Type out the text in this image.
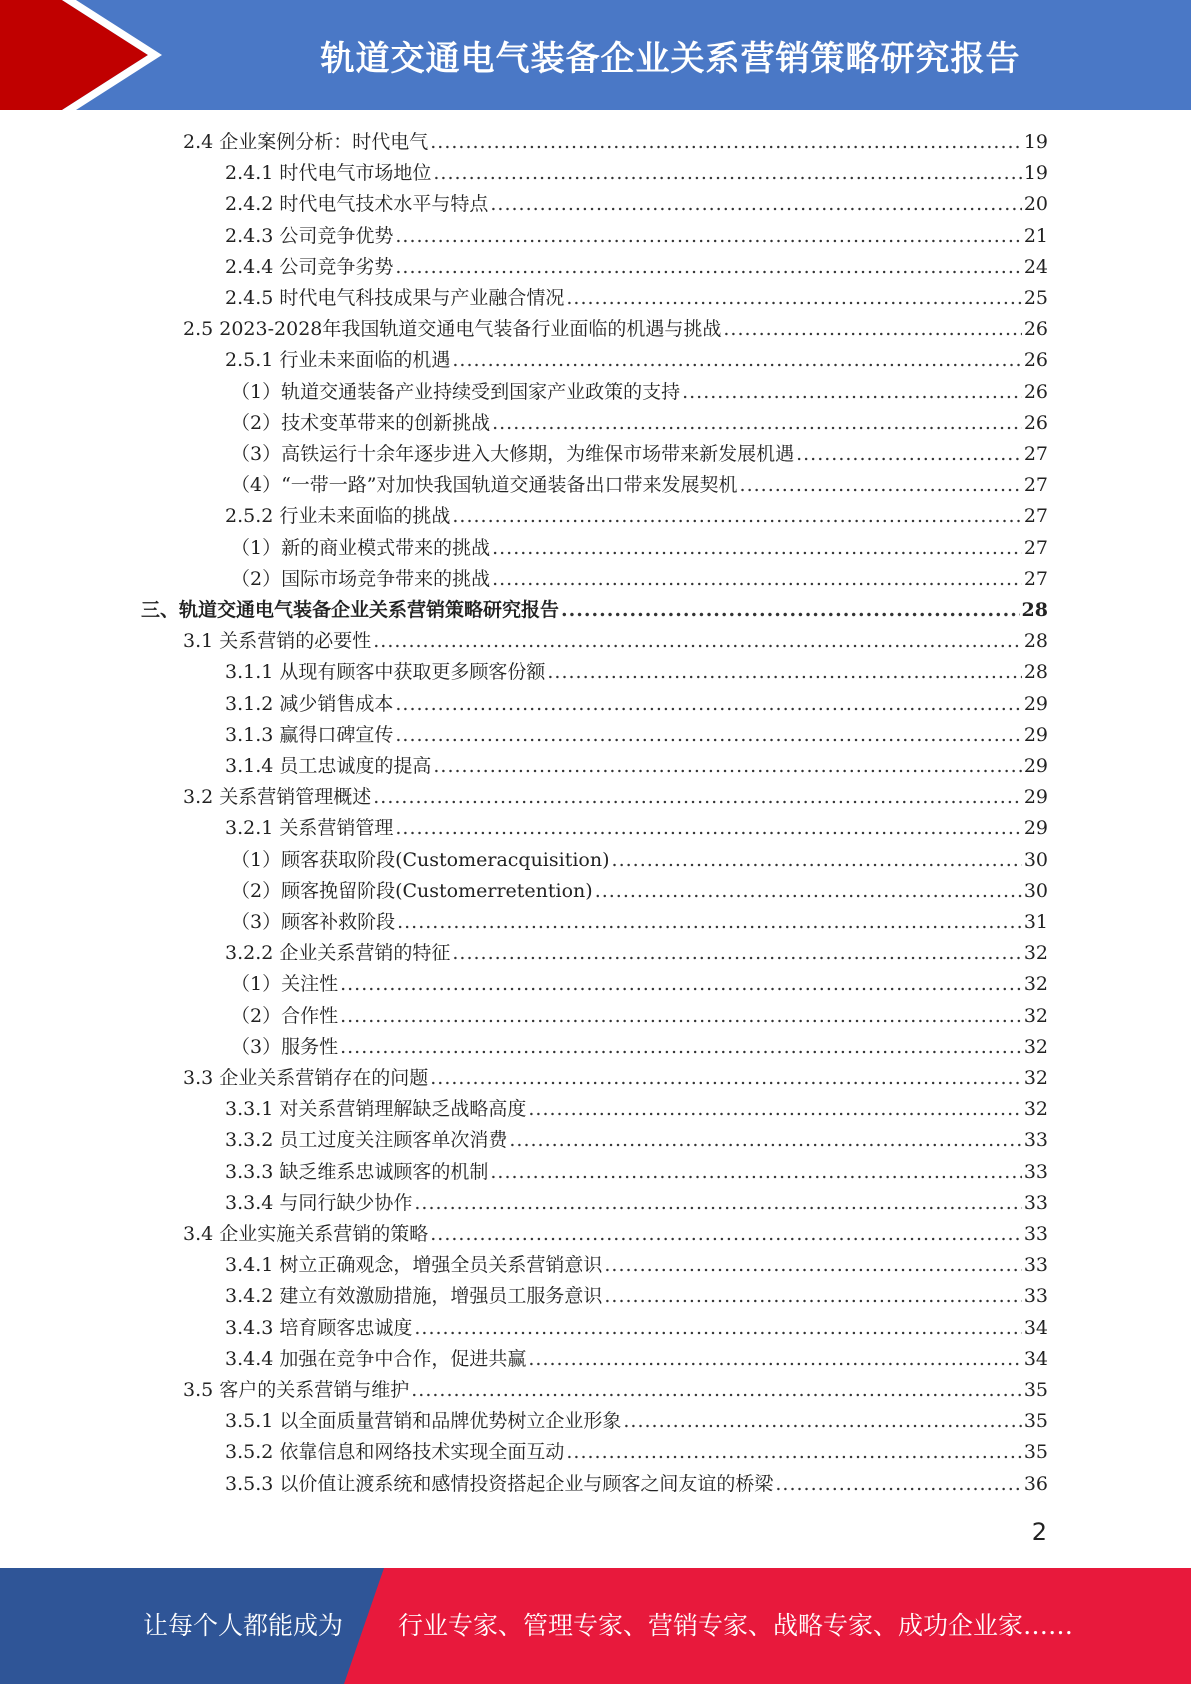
轨道交通电气装备企业关系营销策略研究报告
2.4 企业案例分析：时代电气 .....	19
2.4.1 时代电气市场地位 .....	19
2.4.2 时代电气技术水平与特点 .....	20
2.4.3 公司竞争优势 .....	21
2.4.4 公司竞争劣势 .....	24
2.4.5 时代电气科技成果与产业融合情况 .....	25
2.5 2023-2028年我国轨道交通电气装备行业面临的机遇与挑战 .....	26
2.5.1 行业未来面临的机遇 .....	26
（1）轨道交通装备产业持续受到国家产业政策的支持 .....	26
（2）技术变革带来的创新挑战 .....	26
（3）高铁运行十余年逐步进入大修期，为维保市场带来新发展机遇 .....	27
（4）“一带一路”对加快我国轨道交通装备出口带来发展契机 .....	27
2.5.2 行业未来面临的挑战 .....	27
（1）新的商业模式带来的挑战 .....	27
（2）国际市场竞争带来的挑战 .....	27
三、轨道交通电气装备企业关系营销策略研究报告 .....	28
3.1 关系营销的必要性 .....	28
3.1.1 从现有顾客中获取更多顾客份额 .....	28
3.1.2 减少销售成本 .....	29
3.1.3 赢得口碑宣传 .....	29
3.1.4 员工忠诚度的提高 .....	29
3.2 关系营销管理概述 .....	29
3.2.1 关系营销管理 .....	29
（1）顾客获取阶段(Customeracquisition) .....	30
（2）顾客挽留阶段(Customerretention) .....	30
（3）顾客补救阶段 .....	31
3.2.2 企业关系营销的特征 .....	32
（1）关注性 .....	32
（2）合作性 .....	32
（3）服务性 .....	32
3.3 企业关系营销存在的问题 .....	32
3.3.1 对关系营销理解缺乏战略高度 .....	32
3.3.2 员工过度关注顾客单次消费 .....	33
3.3.3 缺乏维系忠诚顾客的机制 .....	33
3.3.4 与同行缺少协作 .....	33
3.4 企业实施关系营销的策略 .....	33
3.4.1 树立正确观念，增强全员关系营销意识 .....	33
3.4.2 建立有效激励措施，增强员工服务意识 .....	33
3.4.3 培育顾客忠诚度 .....	34
3.4.4 加强在竞争中合作，促进共赢 .....	34
3.5 客户的关系营销与维护 .....	35
3.5.1 以全面质量营销和品牌优势树立企业形象 .....	35
3.5.2 依靠信息和网络技术实现全面互动 .....	35
3.5.3 以价值让渡系统和感情投资搭起企业与顾客之间友谊的桥梁 .....	36
2
让每个人都能成为 行业专家、管理专家、营销专家、战略专家、成功企业家……
